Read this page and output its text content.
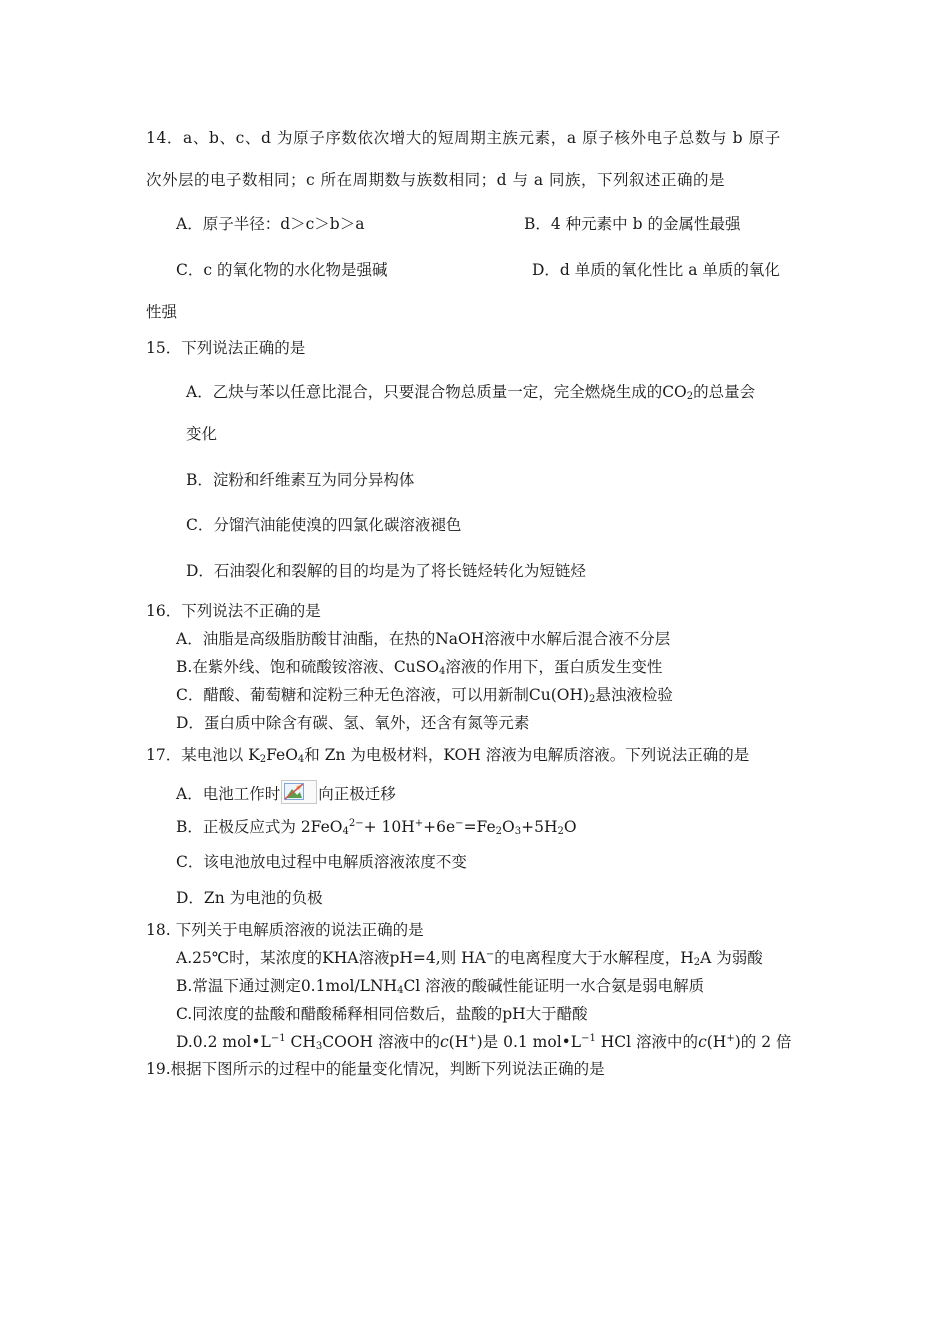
14．a、b、c、d 为原子序数依次增大的短周期主族元素，a 原子核外电子总数与 b 原子
次外层的电子数相同；c 所在周期数与族数相同；d 与 a 同族，下列叙述正确的是
A．原子半径：d＞c＞b＞a	B．4 种元素中 b 的金属性最强
C．c 的氧化物的水化物是强碱	D．d 单质的氧化性比 a 单质的氧化
性强
15．下列说法正确的是
A．乙炔与苯以任意比混合，只要混合物总质量一定，完全燃烧生成的$CO_2$的总量会
变化
B．淀粉和纤维素互为同分异构体
C．分馏汽油能使溴的四氯化碳溶液褪色
D．石油裂化和裂解的目的均是为了将长链烃转化为短链烃
16．下列说法不正确的是
A．油脂是高级脂肪酸甘油酯，在热的NaOH溶液中水解后混合液不分层
B.在紫外线、饱和硫酸铵溶液、CuSO$_4$溶液的作用下，蛋白质发生变性
C．醋酸、葡萄糖和淀粉三种无色溶液，可以用新制$Cu(OH)_2$悬浊液检验
D．蛋白质中除含有碳、氢、氧外，还含有氮等元素
17．某电池以 $K_2FeO_4$和 Zn 为电极材料，KOH 溶液为电解质溶液。下列说法正确的是
A．电池工作时 向正极迁移
B．正极反应式为 $2FeO_4^{2-}+ 10H^++6e^-=Fe_2O_3+5H_2O$
C．该电池放电过程中电解质溶液浓度不变
D．Zn 为电池的负极
18. 下列关于电解质溶液的说法正确的是
A.25℃时，某浓度的KHA溶液pH=4,则 HA−的电离程度大于水解程度，$H_2A$ 为弱酸
B.常温下通过测定$0.1mol/LNH_4Cl$ 溶液的酸碱性能证明一水合氨是弱电解质
C.同浓度的盐酸和醋酸稀释相同倍数后，盐酸的pH大于醋酸
D.0.2 $mol•L^{-1}$ $CH_3COOH$ 溶液中的c(H+)是 0.1 $mol•L^{-1}$ HCl 溶液中的c(H+)的 2 倍
19.根据下图所示的过程中的能量变化情况，判断下列说法正确的是
